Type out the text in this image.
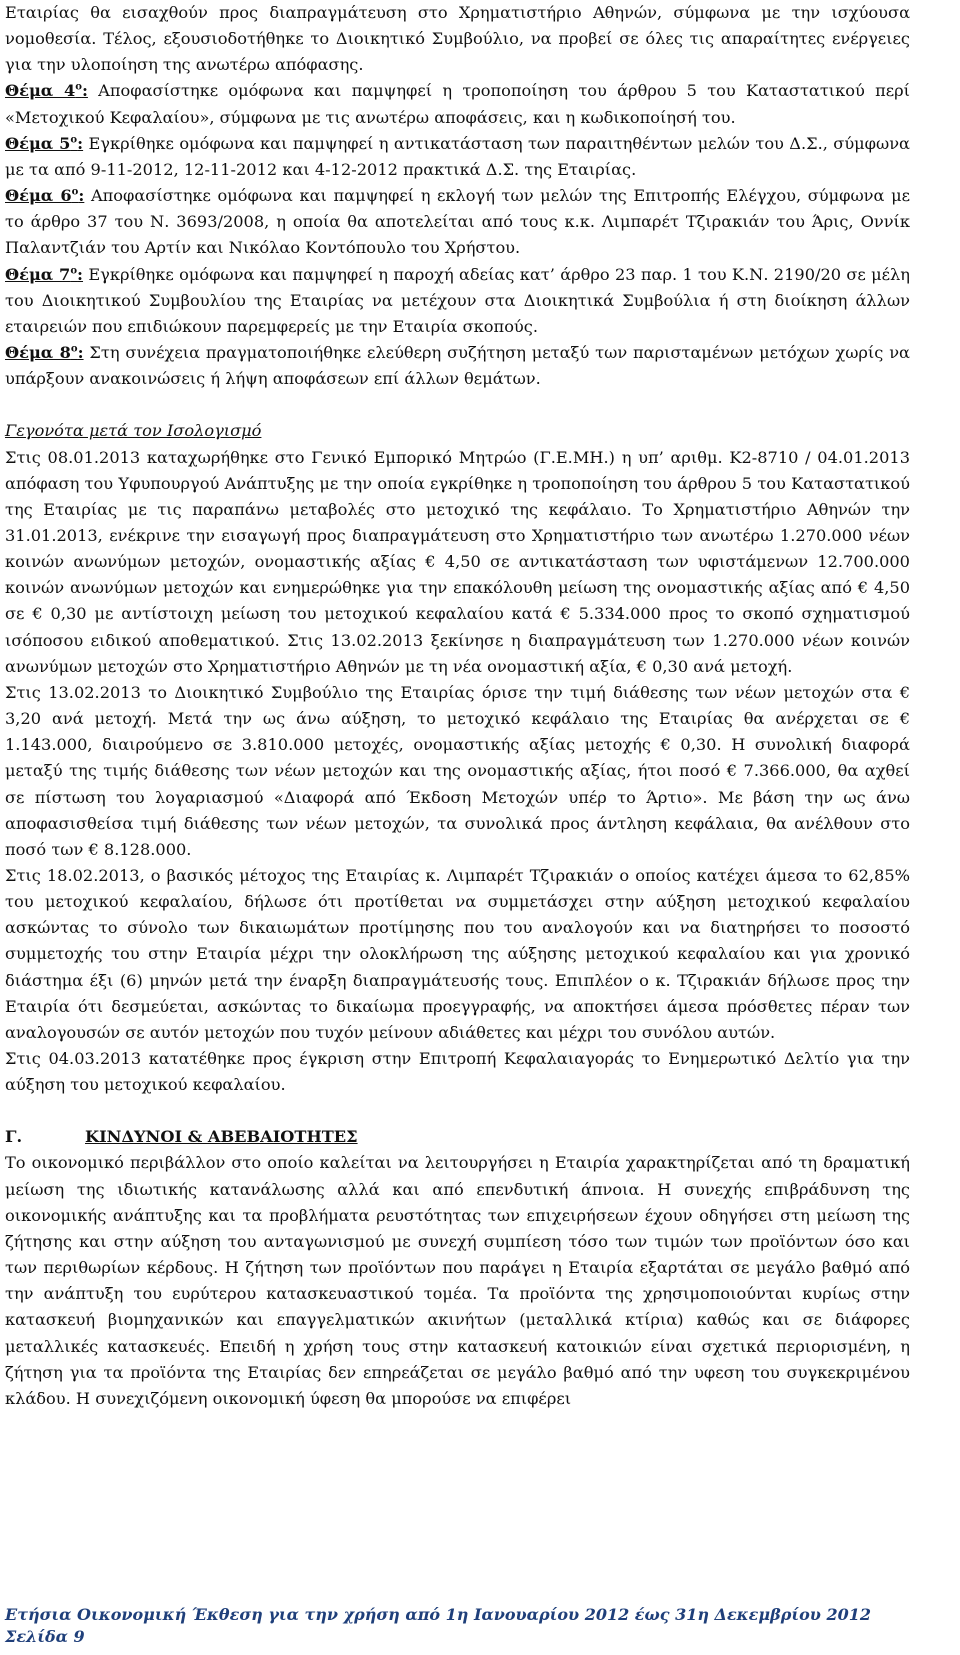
Εταιρίας θα εισαχθούν προς διαπραγμάτευση στο Χρηματιστήριο Αθηνών, σύμφωνα με την ισχύουσα νομοθεσία. Τέλος, εξουσιοδοτήθηκε το Διοικητικό Συμβούλιο, να προβεί σε όλες τις απαραίτητες ενέργειες για την υλοποίηση της ανωτέρω απόφασης.

Θέμα $4^o$: Αποφασίστηκε ομόφωνα και παμψηφεί η τροποποίηση του άρθρου 5 του Καταστατικού περί «Μετοχικού Κεφαλαίου», σύμφωνα με τις ανωτέρω αποφάσεις, και η κωδικοποίησή του.

Θέμα $5^o$: Εγκρίθηκε ομόφωνα και παμψηφεί η αντικατάσταση των παραιτηθέντων μελών του Δ.Σ., σύμφωνα με τα από 9-11-2012, 12-11-2012 και 4-12-2012 πρακτικά Δ.Σ. της Εταιρίας.

Θέμα $6^o$: Αποφασίστηκε ομόφωνα και παμψηφεί η εκλογή των μελών της Επιτροπής Ελέγχου, σύμφωνα με το άρθρο 37 του Ν. 3693/2008, η οποία θα αποτελείται από τους κ.κ. Λιμπαρέτ Τζιρακιάν του Άρις, Οννίκ Παλαντζιάν του Αρτίν και Νικόλαο Κοντόπουλο του Χρήστου.

Θέμα $7^o$: Εγκρίθηκε ομόφωνα και παμψηφεί η παροχή αδείας κατ’ άρθρο 23 παρ. 1 του Κ.Ν. 2190/20 σε μέλη του Διοικητικού Συμβουλίου της Εταιρίας να μετέχουν στα Διοικητικά Συμβούλια ή στη διοίκηση άλλων εταιρειών που επιδιώκουν παρεμφερείς με την Εταιρία σκοπούς.

Θέμα $8^o$: Στη συνέχεια πραγματοποιήθηκε ελεύθερη συζήτηση μεταξύ των παρισταμένων μετόχων χωρίς να υπάρξουν ανακοινώσεις ή λήψη αποφάσεων επί άλλων θεμάτων.

Γεγονότα μετά τον Ισολογισμό

Στις 08.01.2013 καταχωρήθηκε στο Γενικό Εμπορικό Μητρώο (Γ.Ε.ΜΗ.) η υπ’ αριθμ. Κ2-8710 / 04.01.2013 απόφαση του Υφυπουργού Ανάπτυξης με την οποία εγκρίθηκε η τροποποίηση του άρθρου 5 του Καταστατικού της Εταιρίας με τις παραπάνω μεταβολές στο μετοχικό της κεφάλαιο. Το Χρηματιστήριο Αθηνών την 31.01.2013, ενέκρινε την εισαγωγή προς διαπραγμάτευση στο Χρηματιστήριο των ανωτέρω 1.270.000 νέων κοινών ανωνύμων μετοχών, ονομαστικής αξίας € 4,50 σε αντικατάσταση των υφιστάμενων 12.700.000 κοινών ανωνύμων μετοχών και ενημερώθηκε για την επακόλουθη μείωση της ονομαστικής αξίας από € 4,50 σε € 0,30 με αντίστοιχη μείωση του μετοχικού κεφαλαίου κατά € 5.334.000 προς το σκοπό σχηματισμού ισόποσου ειδικού αποθεματικού. Στις 13.02.2013 ξεκίνησε η διαπραγμάτευση των 1.270.000 νέων κοινών ανωνύμων μετοχών στο Χρηματιστήριο Αθηνών με τη νέα ονομαστική αξία, € 0,30 ανά μετοχή.

Στις 13.02.2013 το Διοικητικό Συμβούλιο της Εταιρίας όρισε την τιμή διάθεσης των νέων μετοχών στα € 3,20 ανά μετοχή. Μετά την ως άνω αύξηση, το μετοχικό κεφάλαιο της Εταιρίας θα ανέρχεται σε € 1.143.000, διαιρούμενο σε 3.810.000 μετοχές, ονομαστικής αξίας μετοχής € 0,30. Η συνολική διαφορά μεταξύ της τιμής διάθεσης των νέων μετοχών και της ονομαστικής αξίας, ήτοι ποσό € 7.366.000, θα αχθεί σε πίστωση του λογαριασμού «Διαφορά από Έκδοση Μετοχών υπέρ το Άρτιο». Με βάση την ως άνω αποφασισθείσα τιμή διάθεσης των νέων μετοχών, τα συνολικά προς άντληση κεφάλαια, θα ανέλθουν στο ποσό των € 8.128.000.

Στις 18.02.2013, ο βασικός μέτοχος της Εταιρίας κ. Λιμπαρέτ Τζιρακιάν ο οποίος κατέχει άμεσα το 62,85% του μετοχικού κεφαλαίου, δήλωσε ότι προτίθεται να συμμετάσχει στην αύξηση μετοχικού κεφαλαίου ασκώντας το σύνολο των δικαιωμάτων προτίμησης που του αναλογούν και να διατηρήσει το ποσοστό συμμετοχής του στην Εταιρία μέχρι την ολοκλήρωση της αύξησης μετοχικού κεφαλαίου και για χρονικό διάστημα έξι (6) μηνών μετά την έναρξη διαπραγμάτευσής τους. Επιπλέον ο κ. Τζιρακιάν δήλωσε προς την Εταιρία ότι δεσμεύεται, ασκώντας το δικαίωμα προεγγραφής, να αποκτήσει άμεσα πρόσθετες πέραν των αναλογουσών σε αυτόν μετοχών που τυχόν μείνουν αδιάθετες και μέχρι του συνόλου αυτών.

Στις 04.03.2013 κατατέθηκε προς έγκριση στην Επιτροπή Κεφαλαιαγοράς το Ενημερωτικό Δελτίο για την αύξηση του μετοχικού κεφαλαίου.

Γ.	ΚΙΝΔΥΝΟΙ & ΑΒΕΒΑΙΟΤΗΤΕΣ

Το οικονομικό περιβάλλον στο οποίο καλείται να λειτουργήσει η Εταιρία χαρακτηρίζεται από τη δραματική μείωση της ιδιωτικής κατανάλωσης αλλά και από επενδυτική άπνοια. Η συνεχής επιβράδυνση της οικονομικής ανάπτυξης και τα προβλήματα ρευστότητας των επιχειρήσεων έχουν οδηγήσει στη μείωση της ζήτησης και στην αύξηση του ανταγωνισμού με συνεχή συμπίεση τόσο των τιμών των προϊόντων όσο και των περιθωρίων κέρδους. Η ζήτηση των προϊόντων που παράγει η Εταιρία εξαρτάται σε μεγάλο βαθμό από την ανάπτυξη του ευρύτερου κατασκευαστικού τομέα. Τα προϊόντα της χρησιμοποιούνται κυρίως στην κατασκευή βιομηχανικών και επαγγελματικών ακινήτων (μεταλλικά κτίρια) καθώς και σε διάφορες μεταλλικές κατασκευές. Επειδή η χρήση τους στην κατασκευή κατοικιών είναι σχετικά περιορισμένη, η ζήτηση για τα προϊόντα της Εταιρίας δεν επηρεάζεται σε μεγάλο βαθμό από την υφεση του συγκεκριμένου κλάδου. Η συνεχιζόμενη οικονομική ύφεση θα μπορούσε να επιφέρει

Ετήσια Οικονομική Έκθεση για την χρήση από 1η Ιανουαρίου 2012 έως 31η Δεκεμβρίου 2012
Σελίδα 9
